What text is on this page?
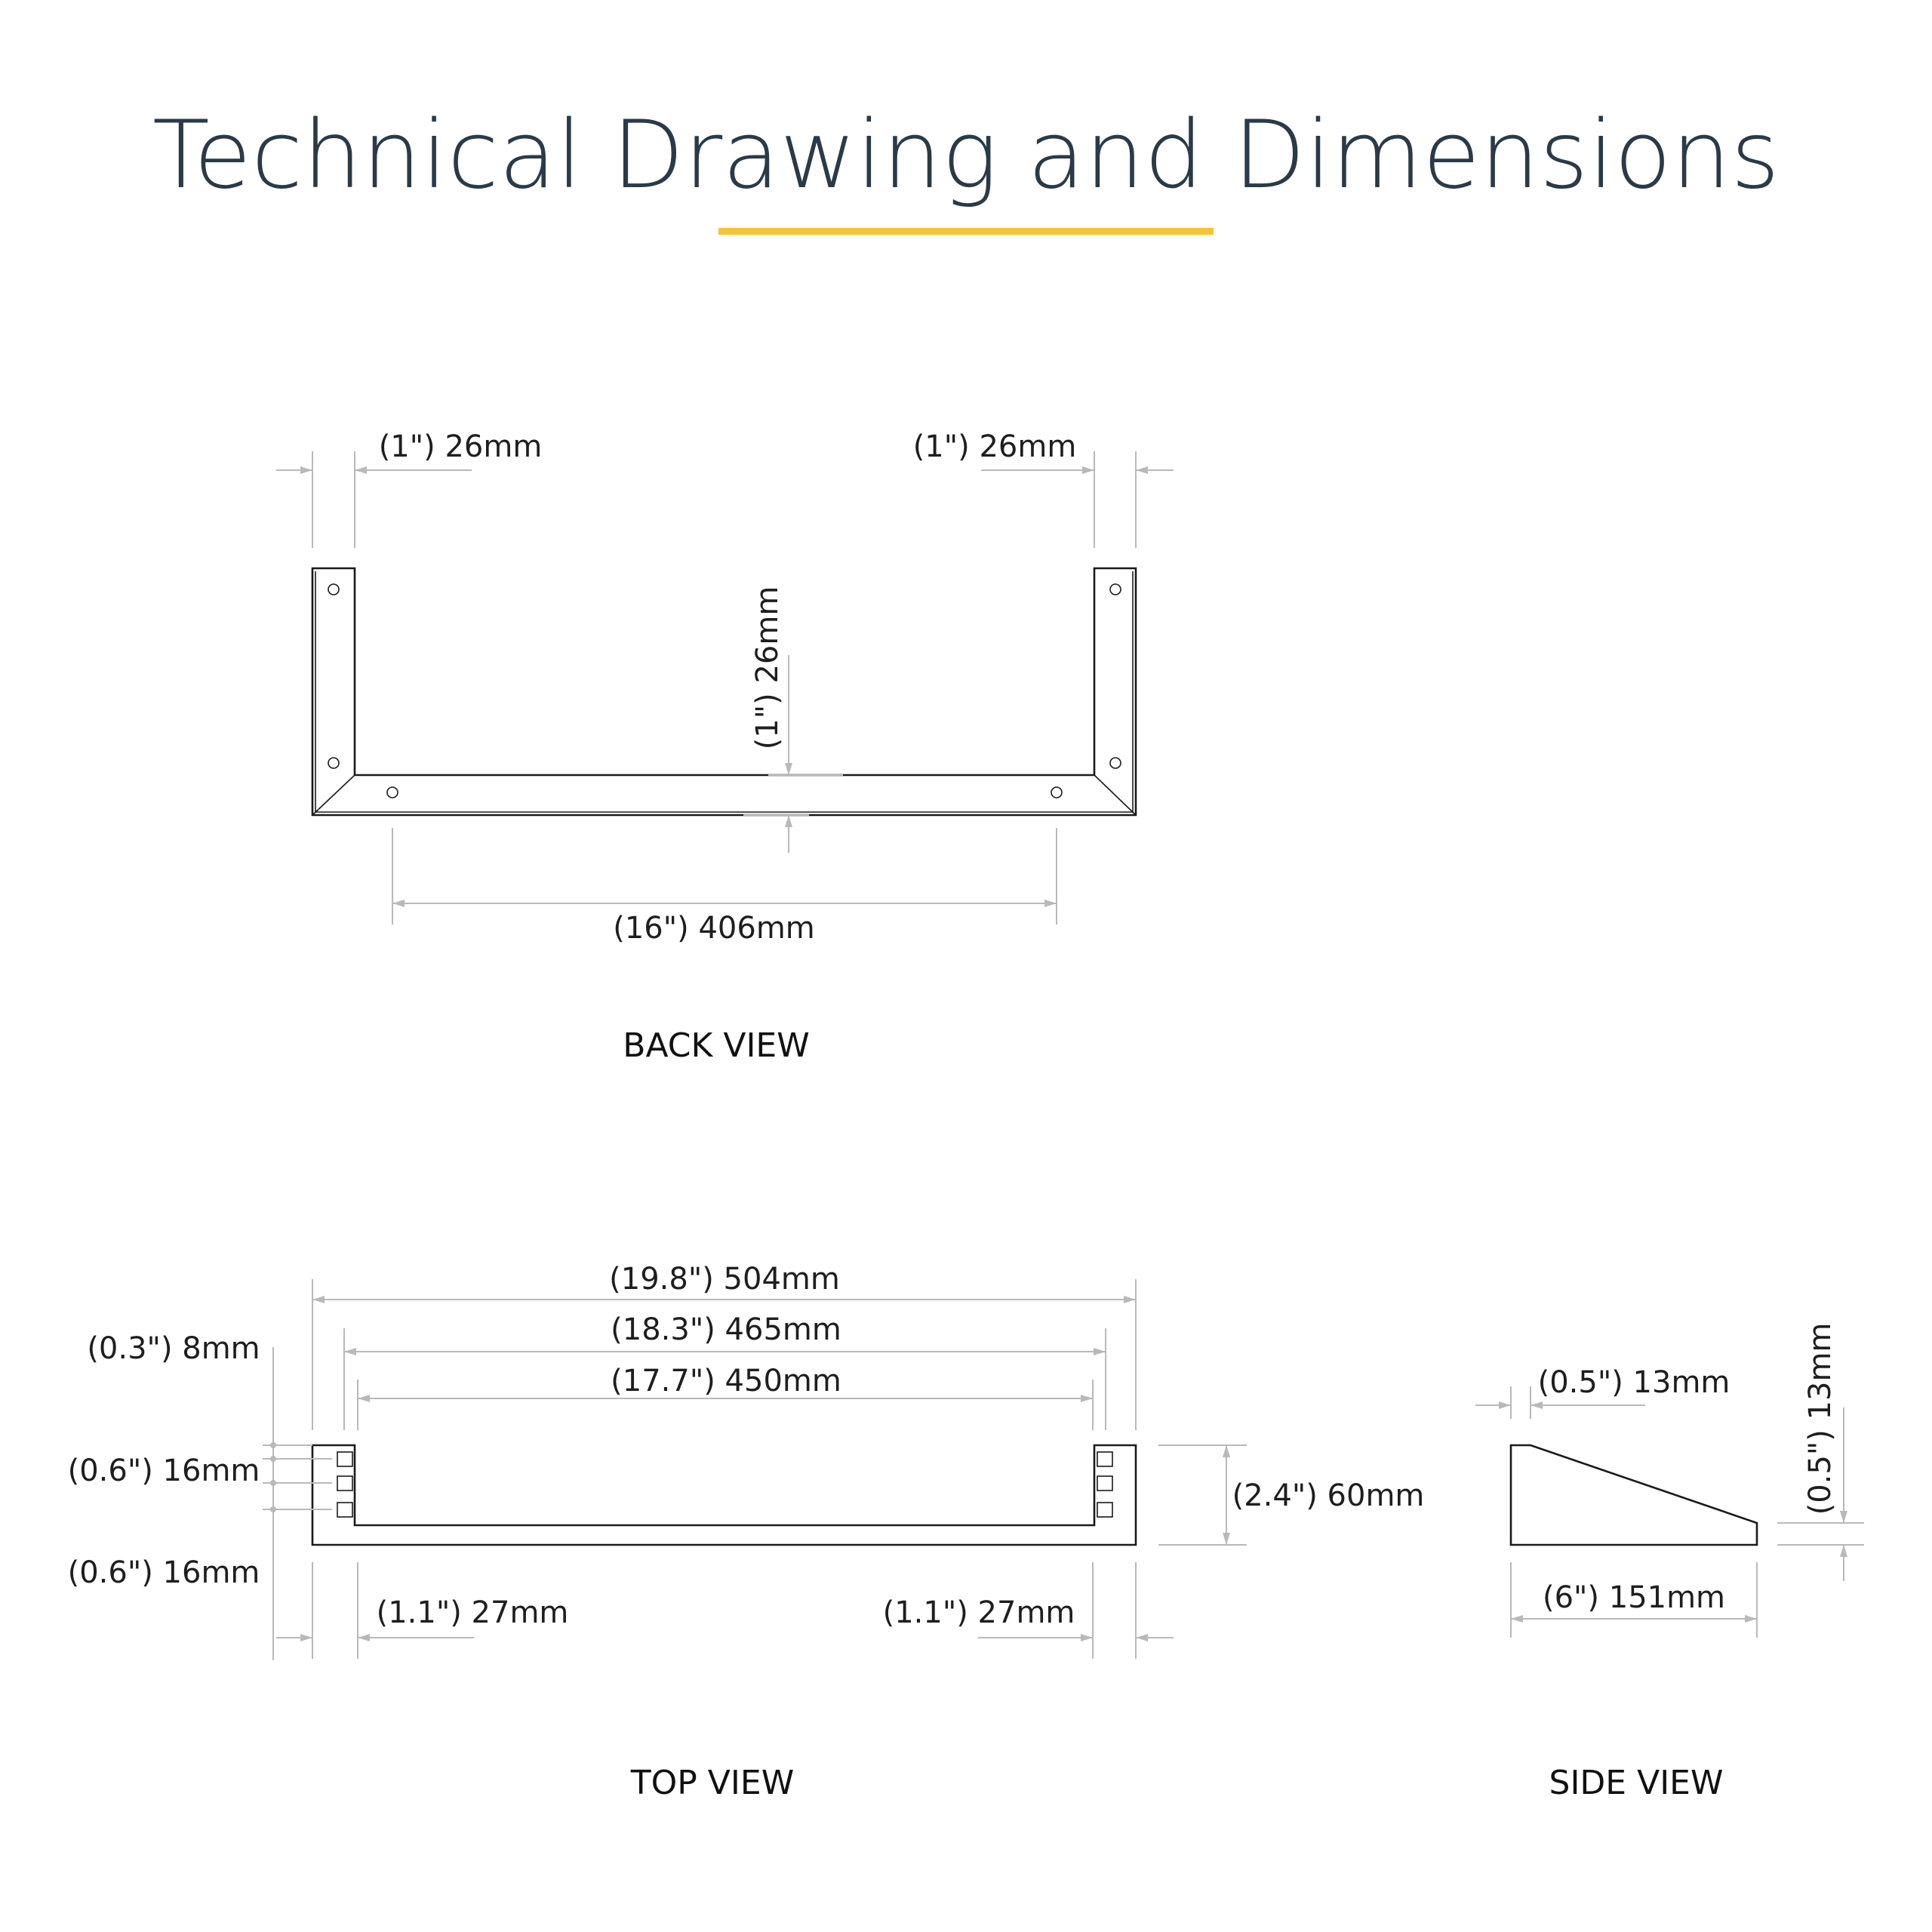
Technical Drawing and Dimensions
(1") 26mm	(1") 26mm
(1") 26mm
(16") 406mm
BACK VIEW
(19.8") 504mm
(18.3") 465mm
(17.7") 450mm
(0.3") 8mm
(0.6") 16mm
(0.6") 16mm
(2.4") 60mm
(1.1") 27mm	(1.1") 27mm
TOP VIEW
(0.5") 13mm (0.5") 13mm
(6") 151mm
SIDE VIEW
